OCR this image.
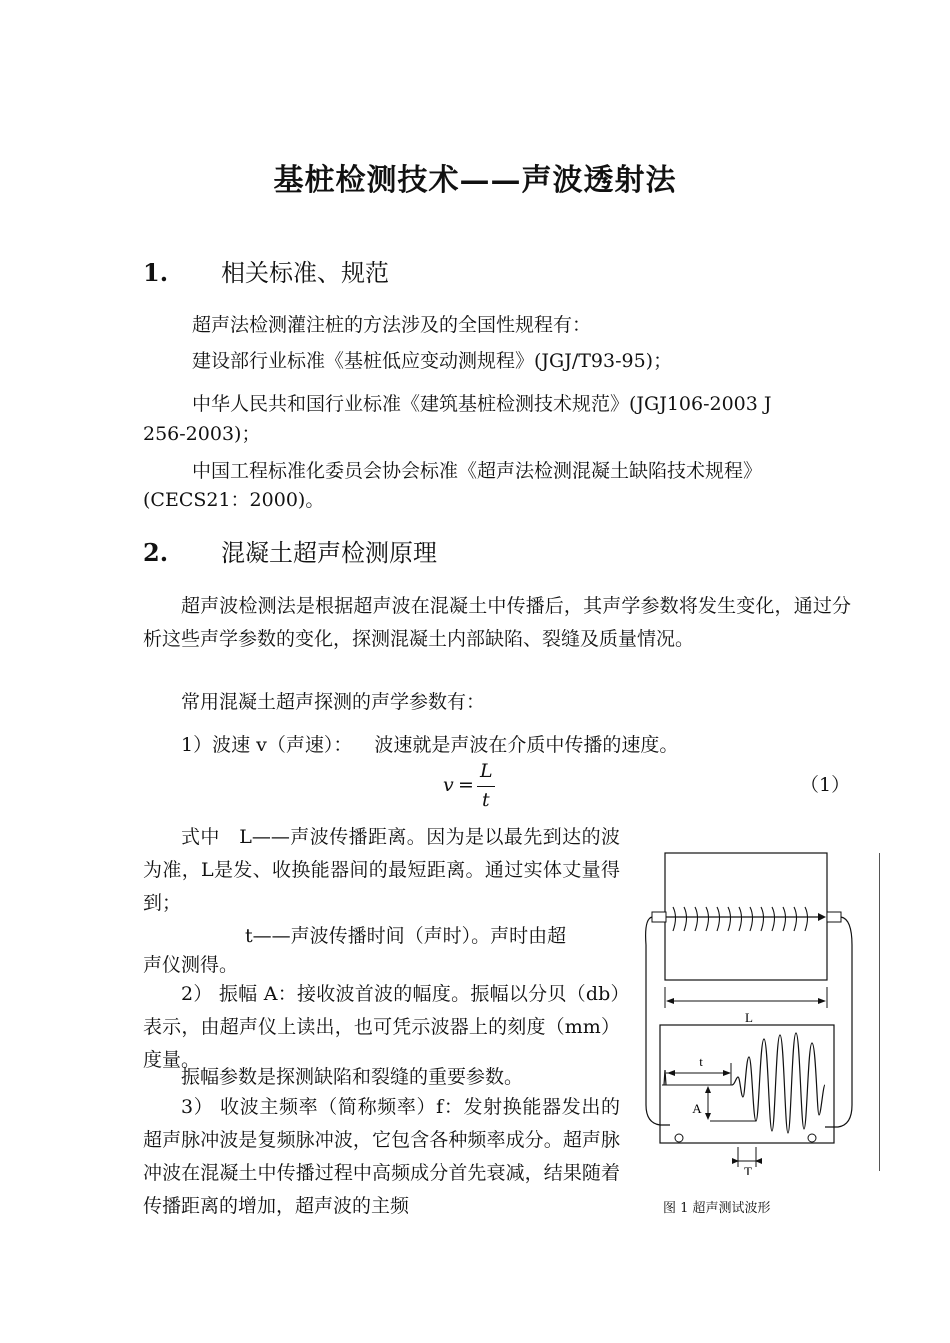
基桩检测技术——声波透射法
1. 相关标准、规范

超声法检测灌注桩的方法涉及的全国性规程有：

建设部行业标准《基桩低应变动测规程》(JGJ/T93-95)；

中华人民共和国行业标准《建筑基桩检测技术规范》(JGJ106-2003 J

256-2003)；

中国工程标准化委员会协会标准《超声法检测混凝土缺陷技术规程》

(CECS21：2000)。

2. 混凝土超声检测原理

超声波检测法是根据超声波在混凝土中传播后，其声学参数将发生变化，通过分析这些声学参数的变化，探测混凝土内部缺陷、裂缝及质量情况。

常用混凝土超声探测的声学参数有：

1）波速 v（声速）： 波速就是声波在介质中传播的速度。

v =
L
t
（1）

式中　L——声波传播距离。因为是以最先到达的波为准，L是发、收换能器间的最短距离。通过实体丈量得到；

t——声波传播时间（声时）。声时由超

声仪测得。

2） 振幅 A：接收波首波的幅度。振幅以分贝（db）表示，由超声仪上读出，也可凭示波器上的刻度（mm）度量。

振幅参数是探测缺陷和裂缝的重要参数。

3） 收波主频率（简称频率）f：发射换能器发出的超声脉冲波是复频脉冲波，它包含各种频率成分。超声脉冲波在混凝土中传播过程中高频成分首先衰减，结果随着传播距离的增加，超声波的主频

L
t
A
T

图 1 超声测试波形
